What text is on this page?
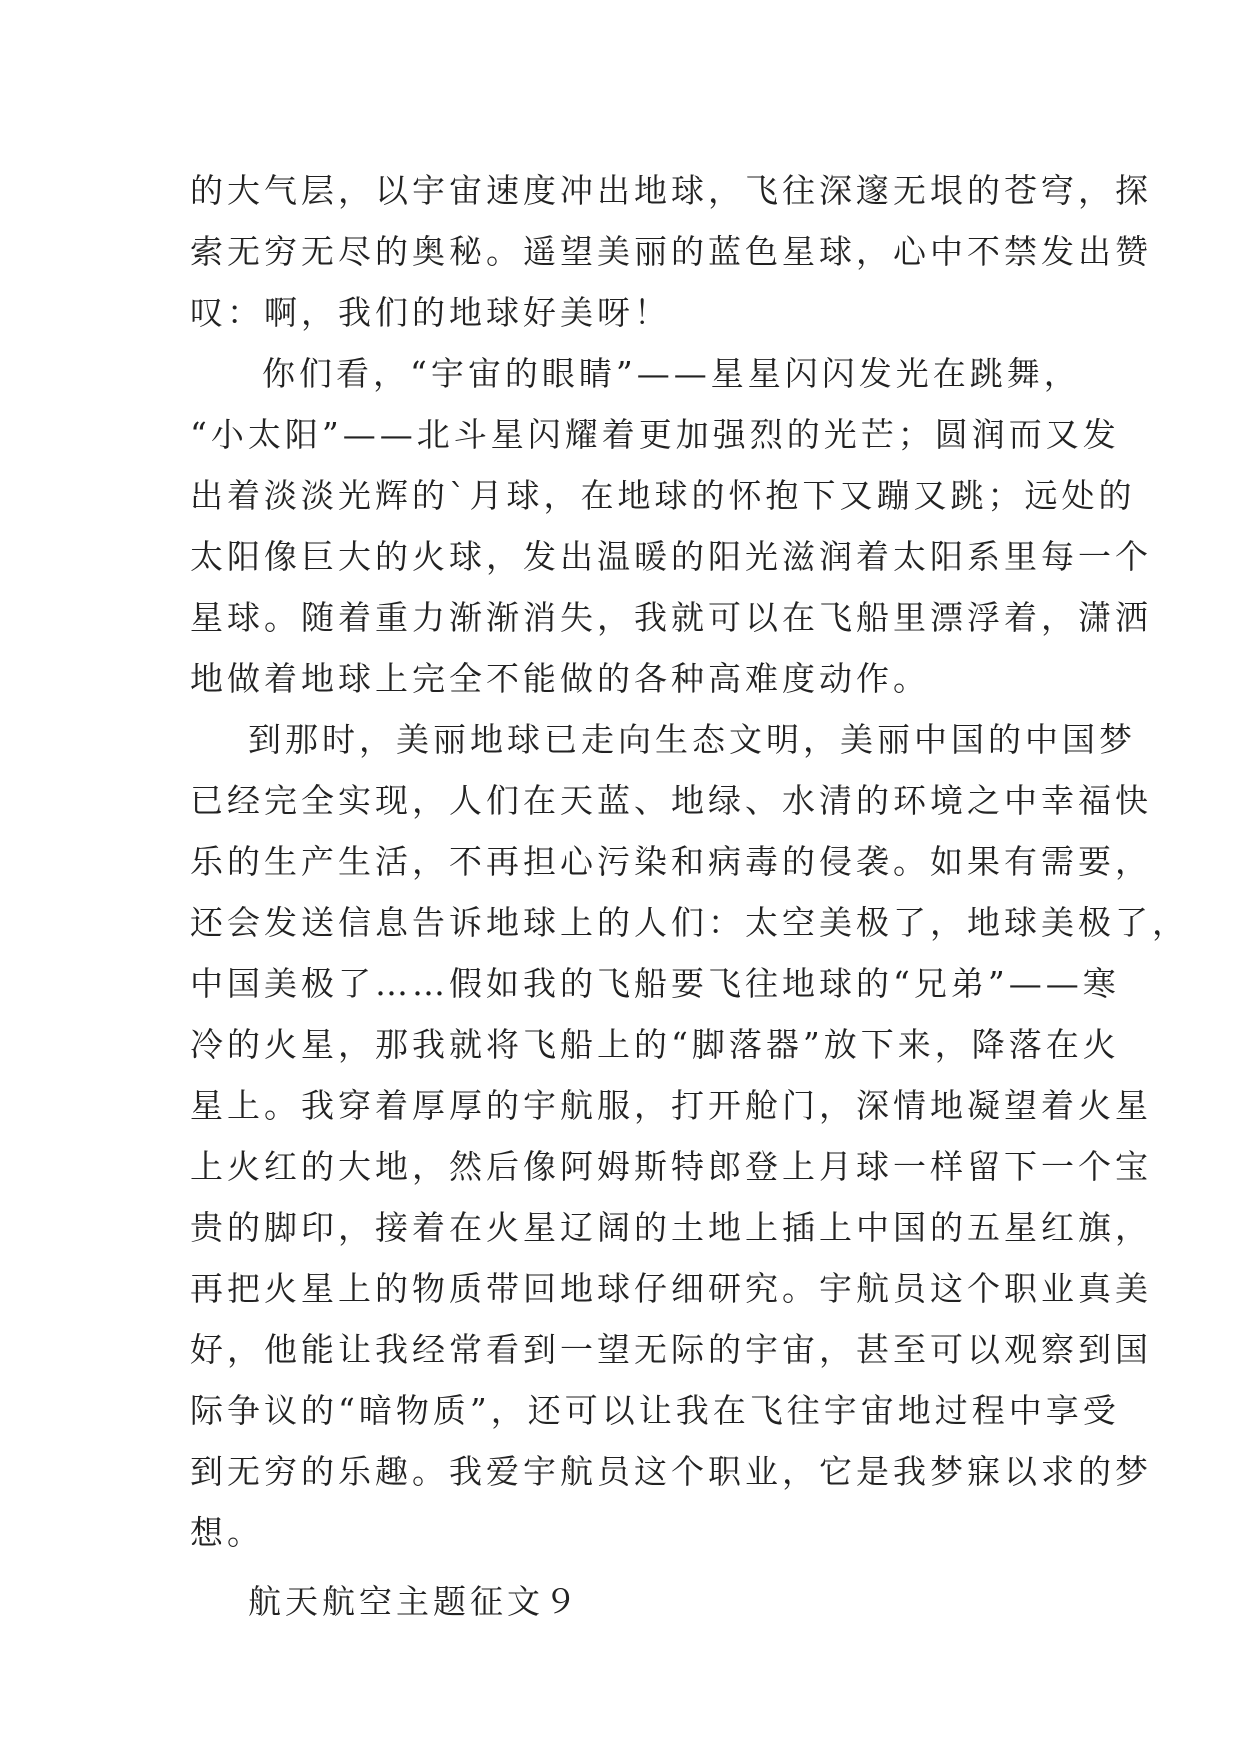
的大气层，以宇宙速度冲出地球，飞往深邃无垠的苍穹，探
索无穷无尽的奥秘。遥望美丽的蓝色星球，心中不禁发出赞
叹：啊，我们的地球好美呀！
你们看，“宇宙的眼睛”——星星闪闪发光在跳舞，
“小太阳”——北斗星闪耀着更加强烈的光芒；圆润而又发
出着淡淡光辉的`月球，在地球的怀抱下又蹦又跳；远处的
太阳像巨大的火球，发出温暖的阳光滋润着太阳系里每一个
星球。随着重力渐渐消失，我就可以在飞船里漂浮着，潇洒
地做着地球上完全不能做的各种高难度动作。
到那时，美丽地球已走向生态文明，美丽中国的中国梦
已经完全实现，人们在天蓝、地绿、水清的环境之中幸福快
乐的生产生活，不再担心污染和病毒的侵袭。如果有需要，
还会发送信息告诉地球上的人们：太空美极了，地球美极了，
中国美极了……假如我的飞船要飞往地球的“兄弟”——寒
冷的火星，那我就将飞船上的“脚落器”放下来，降落在火
星上。我穿着厚厚的宇航服，打开舱门，深情地凝望着火星
上火红的大地，然后像阿姆斯特郎登上月球一样留下一个宝
贵的脚印，接着在火星辽阔的土地上插上中国的五星红旗，
再把火星上的物质带回地球仔细研究。宇航员这个职业真美
好，他能让我经常看到一望无际的宇宙，甚至可以观察到国
际争议的“暗物质”，还可以让我在飞往宇宙地过程中享受
到无穷的乐趣。我爱宇航员这个职业，它是我梦寐以求的梦
想。
航天航空主题征文９
